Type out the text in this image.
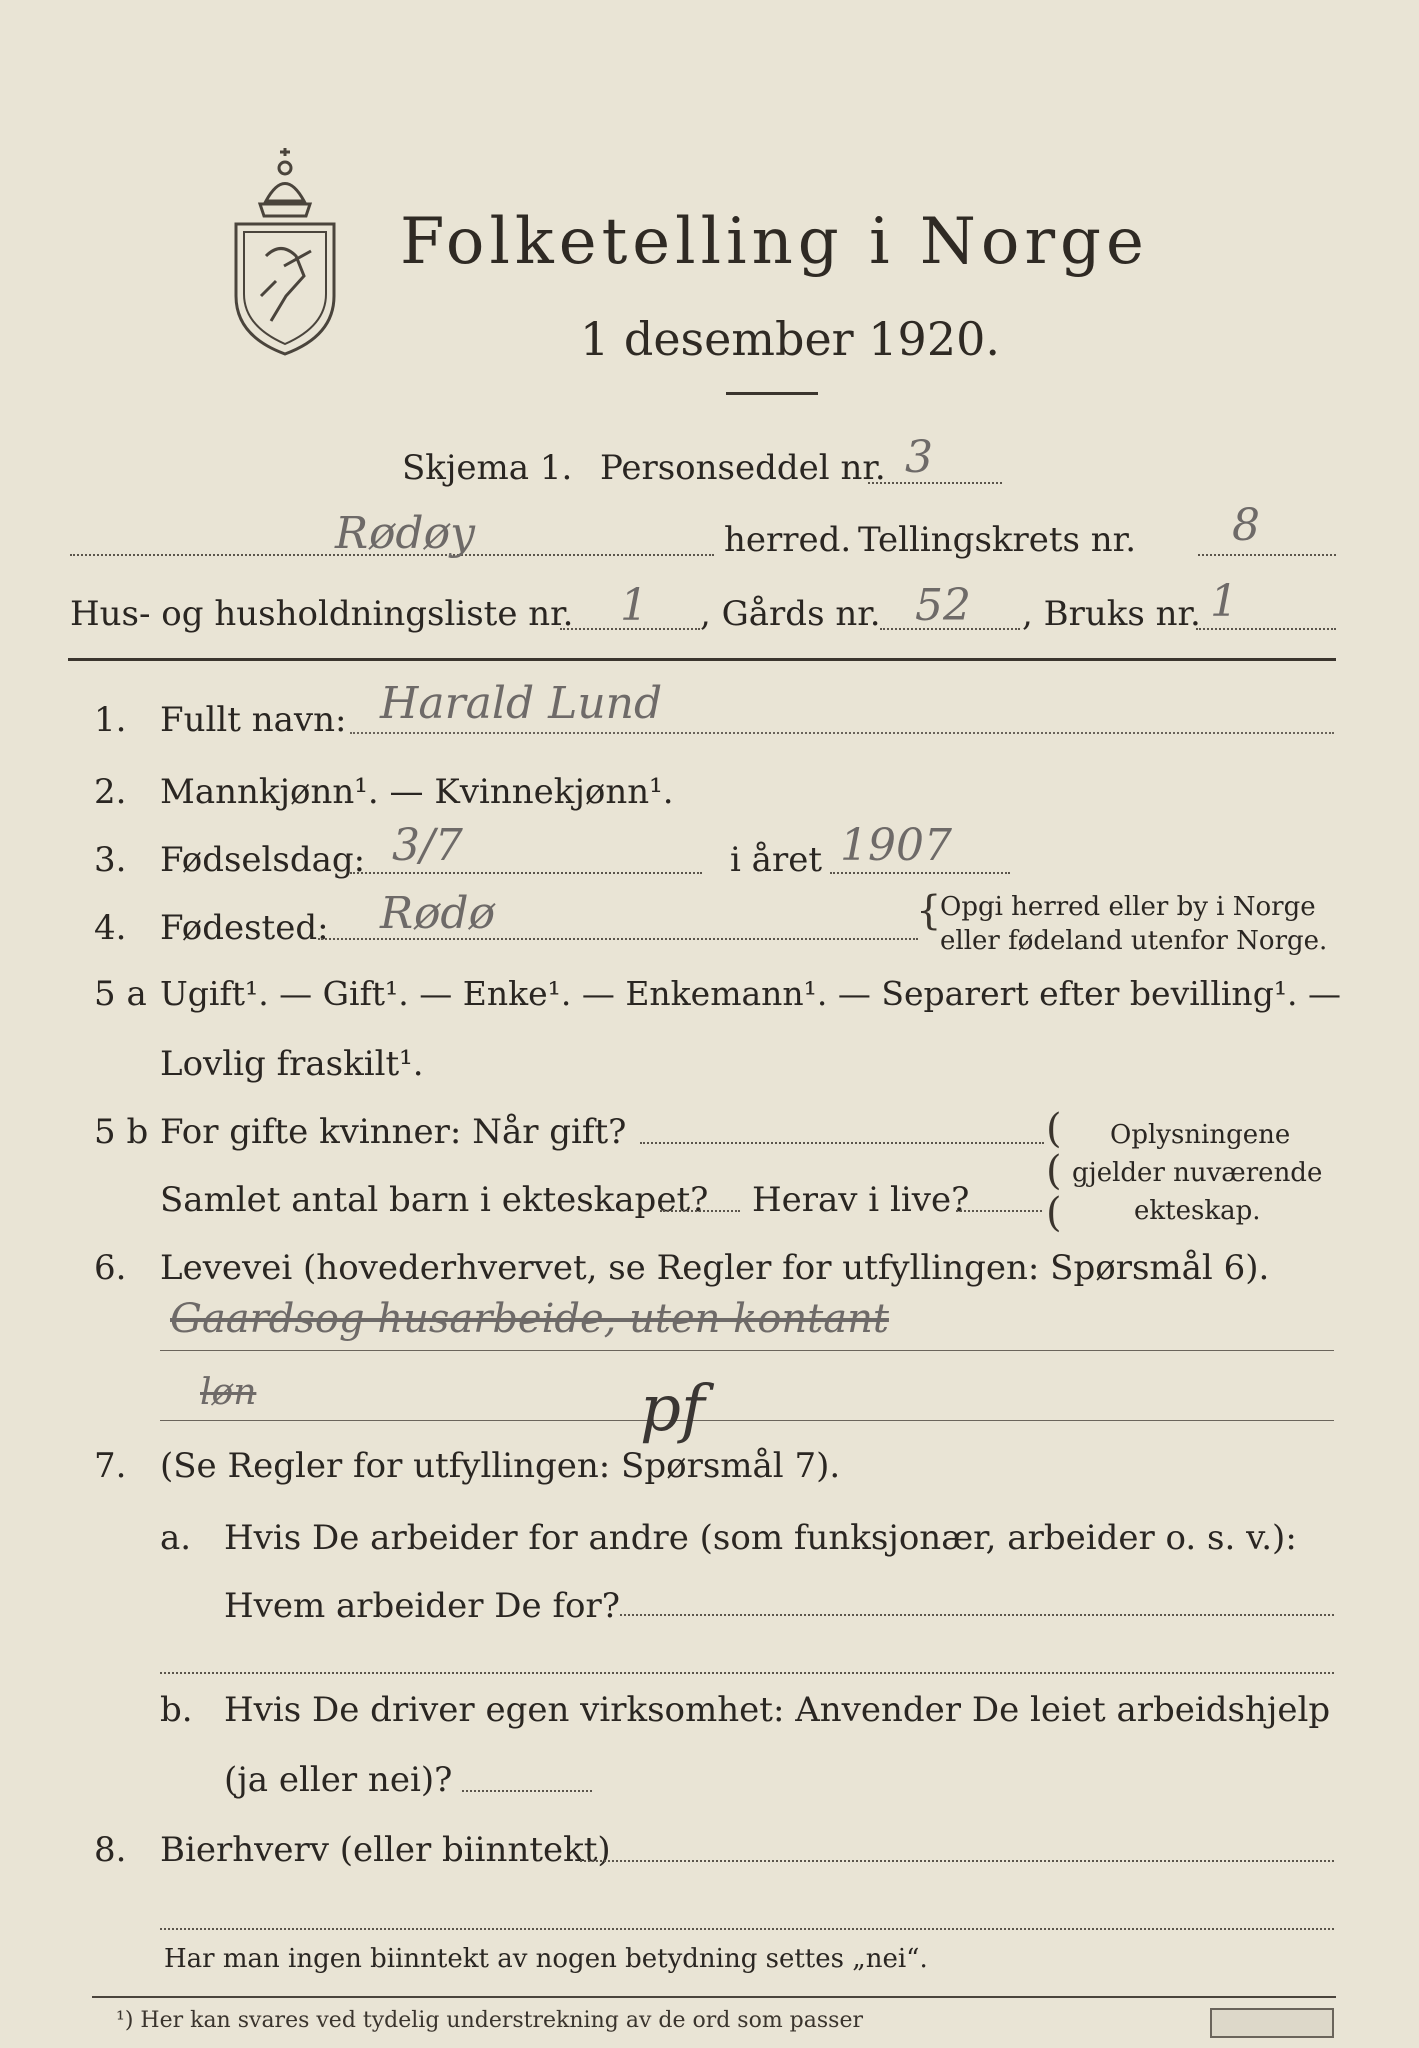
Folketelling i Norge
1 desember 1920.
Skjema 1. Personseddel nr. 3
Rødøy	herred. Tellingskrets nr. 8
Hus- og husholdningsliste nr. 1 , Gårds nr. 52 , Bruks nr. 1
1. Fullt navn: Harald Lund
2. Mannkjønn¹. — Kvinnekjønn¹.
3. Fødselsdag: 3/7	i året 1907
4. Fødested: Rødø	{
Opgi herred eller by i Norge
eller fødeland utenfor Norge.
5 a Ugift¹. — Gift¹. — Enke¹. — Enkemann¹. — Separert efter bevilling¹. —
Lovlig fraskilt¹.
5 b For gifte kvinner: Når gift?
Samlet antal barn i ekteskapet? Herav i live?
(
(
(
Oplysningene
gjelder nuværende
ekteskap.
6. Levevei (hovederhvervet, se Regler for utfyllingen: Spørsmål 6).
Gaardsog husarbeide, uten kontant
løn	pf
7. (Se Regler for utfyllingen: Spørsmål 7).
a. Hvis De arbeider for andre (som funksjonær, arbeider o. s. v.):
Hvem arbeider De for?
b. Hvis De driver egen virksomhet: Anvender De leiet arbeidshjelp
(ja eller nei)?
8. Bierhverv (eller biinntekt)
Har man ingen biinntekt av nogen betydning settes „nei“.
¹) Her kan svares ved tydelig understrekning av de ord som passer
